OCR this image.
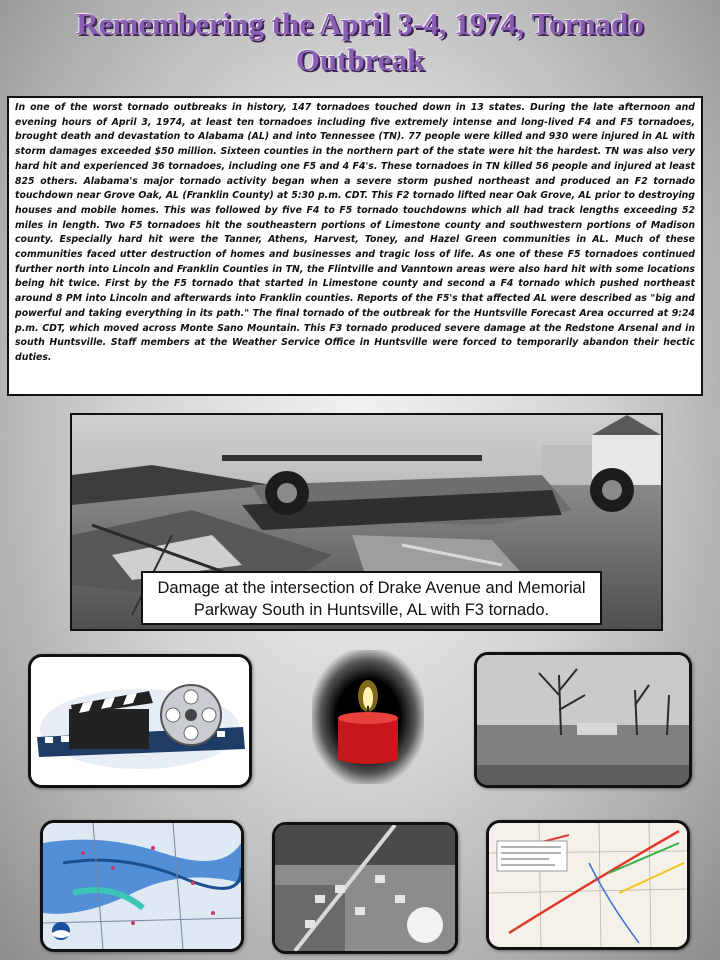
Remembering the April 3-4, 1974, Tornado
Outbreak
In one of the worst tornado outbreaks in history, 147 tornadoes touched down in 13 states. During the late afternoon and evening hours of April 3, 1974, at least ten tornadoes including five extremely intense and long-lived F4 and F5 tornadoes, brought death and devastation to Alabama (AL) and into Tennessee (TN). 77 people were killed and 930 were injured in AL with storm damages exceeded $50 million. Sixteen counties in the northern part of the state were hit the hardest. TN was also very hard hit and experienced 36 tornadoes, including one F5 and 4 F4's. These tornadoes in TN killed 56 people and injured at least 825 others. Alabama's major tornado activity began when a severe storm pushed northeast and produced an F2 tornado touchdown near Grove Oak, AL (Franklin County) at 5:30 p.m. CDT. This F2 tornado lifted near Oak Grove, AL prior to destroying houses and mobile homes. This was followed by five F4 to F5 tornado touchdowns which all had track lengths exceeding 52 miles in length. Two F5 tornadoes hit the southeastern portions of Limestone county and southwestern portions of Madison county. Especially hard hit were the Tanner, Athens, Harvest, Toney, and Hazel Green communities in AL. Much of these communities faced utter destruction of homes and businesses and tragic loss of life. As one of these F5 tornadoes continued further north into Lincoln and Franklin Counties in TN, the Flintville and Vanntown areas were also hard hit with some locations being hit twice. First by the F5 tornado that started in Limestone county and second a F4 tornado which pushed northeast around 8 PM into Lincoln and afterwards into Franklin counties. Reports of the F5's that affected AL were described as "big and powerful and taking everything in its path." The final tornado of the outbreak for the Huntsville Forecast Area occurred at 9:24 p.m. CDT, which moved across Monte Sano Mountain. This F3 tornado produced severe damage at the Redstone Arsenal and in south Huntsville. Staff members at the Weather Service Office in Huntsville were forced to temporarily abandon their hectic duties.
Damage at the intersection of Drake Avenue and Memorial
Parkway South in Huntsville, AL with F3 tornado.
